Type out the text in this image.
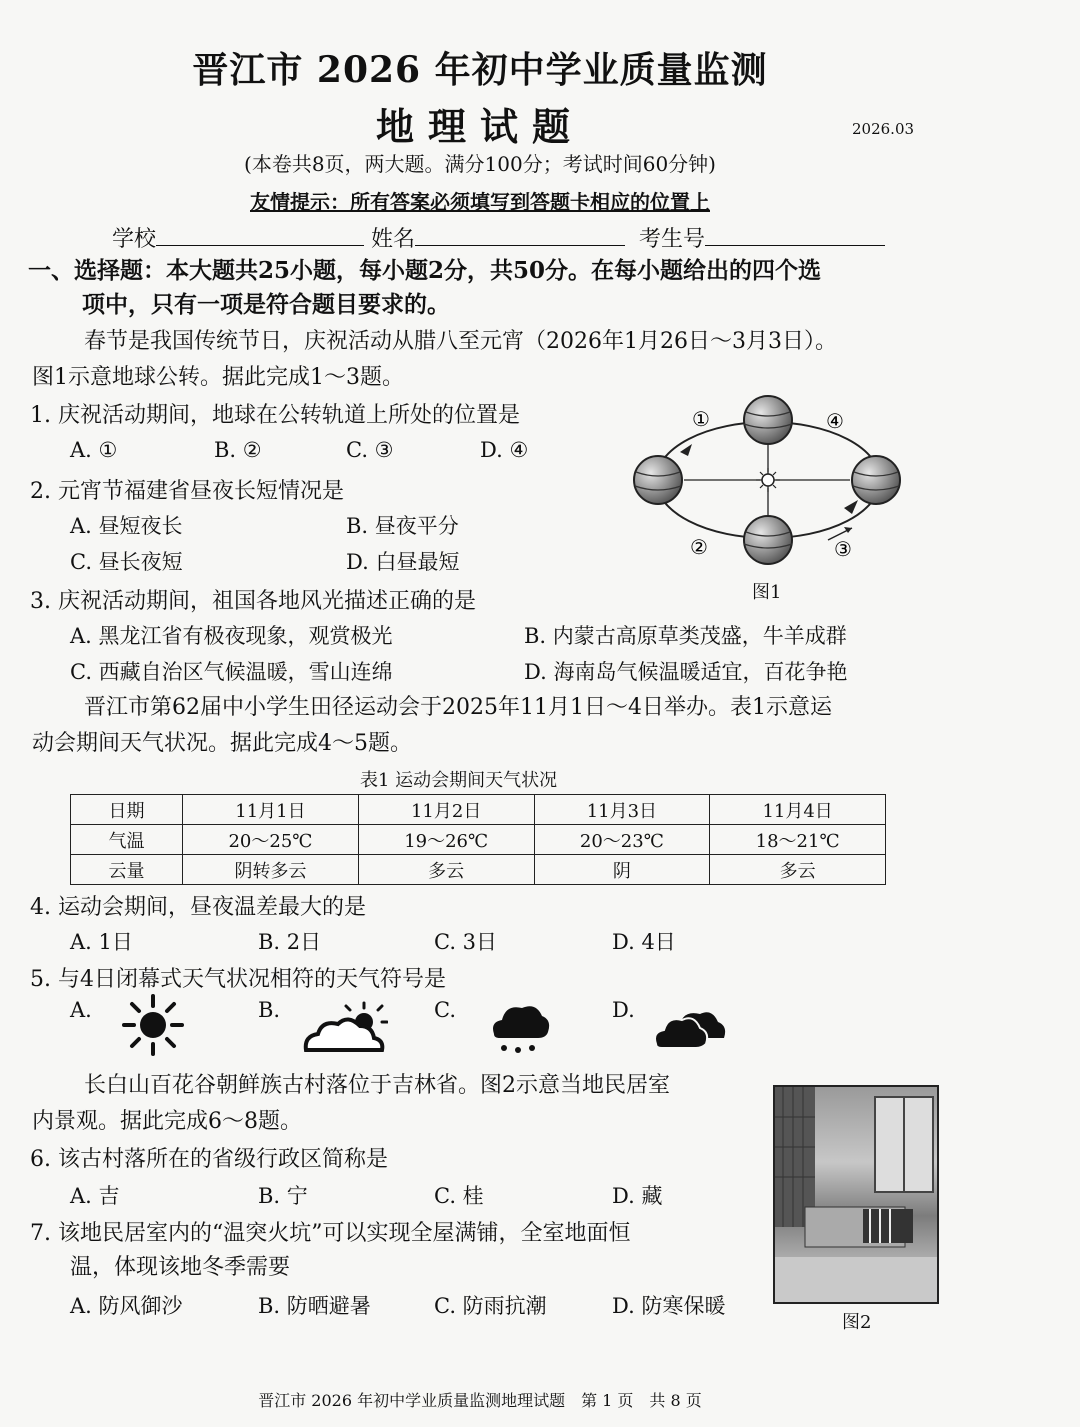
晋江市 2026 年初中学业质量监测
地理试题	2026.03
(本卷共8页，两大题。满分100分；考试时间60分钟)
友情提示：所有答案必须填写到答题卡相应的位置上
学校	姓名	考生号
一、选择题：本大题共25小题，每小题2分，共50分。在每小题给出的四个选
项中，只有一项是符合题目要求的。
春节是我国传统节日，庆祝活动从腊八至元宵（2026年1月26日～3月3日）。
图1示意地球公转。据此完成1～3题。
1. 庆祝活动期间，地球在公转轨道上所处的位置是
A. ①	B. ②	C. ③	D. ④
2. 元宵节福建省昼夜长短情况是
A. 昼短夜长	B. 昼夜平分
C. 昼长夜短	D. 白昼最短
①
②	③
④
图1
3. 庆祝活动期间，祖国各地风光描述正确的是
A. 黑龙江省有极夜现象，观赏极光	B. 内蒙古高原草类茂盛，牛羊成群
C. 西藏自治区气候温暖，雪山连绵	D. 海南岛气候温暖适宜，百花争艳
晋江市第62届中小学生田径运动会于2025年11月1日～4日举办。表1示意运
动会期间天气状况。据此完成4～5题。
表1 运动会期间天气状况
日期	11月1日	11月2日	11月3日	11月4日
气温	20～25℃	19～26℃	20～23℃	18～21℃
云量	阴转多云	多云	阴	多云
4. 运动会期间，昼夜温差最大的是
A. 1日	B. 2日	C. 3日	D. 4日
5. 与4日闭幕式天气状况相符的天气符号是
A.	B.	C.	D.
长白山百花谷朝鲜族古村落位于吉林省。图2示意当地民居室
内景观。据此完成6～8题。
6. 该古村落所在的省级行政区简称是
A. 吉	B. 宁	C. 桂	D. 藏
7. 该地民居室内的“温突火坑”可以实现全屋满铺，全室地面恒
温，体现该地冬季需要
A. 防风御沙	B. 防晒避暑	C. 防雨抗潮	D. 防寒保暖
图2
晋江市 2026 年初中学业质量监测地理试题　第 1 页　共 8 页
